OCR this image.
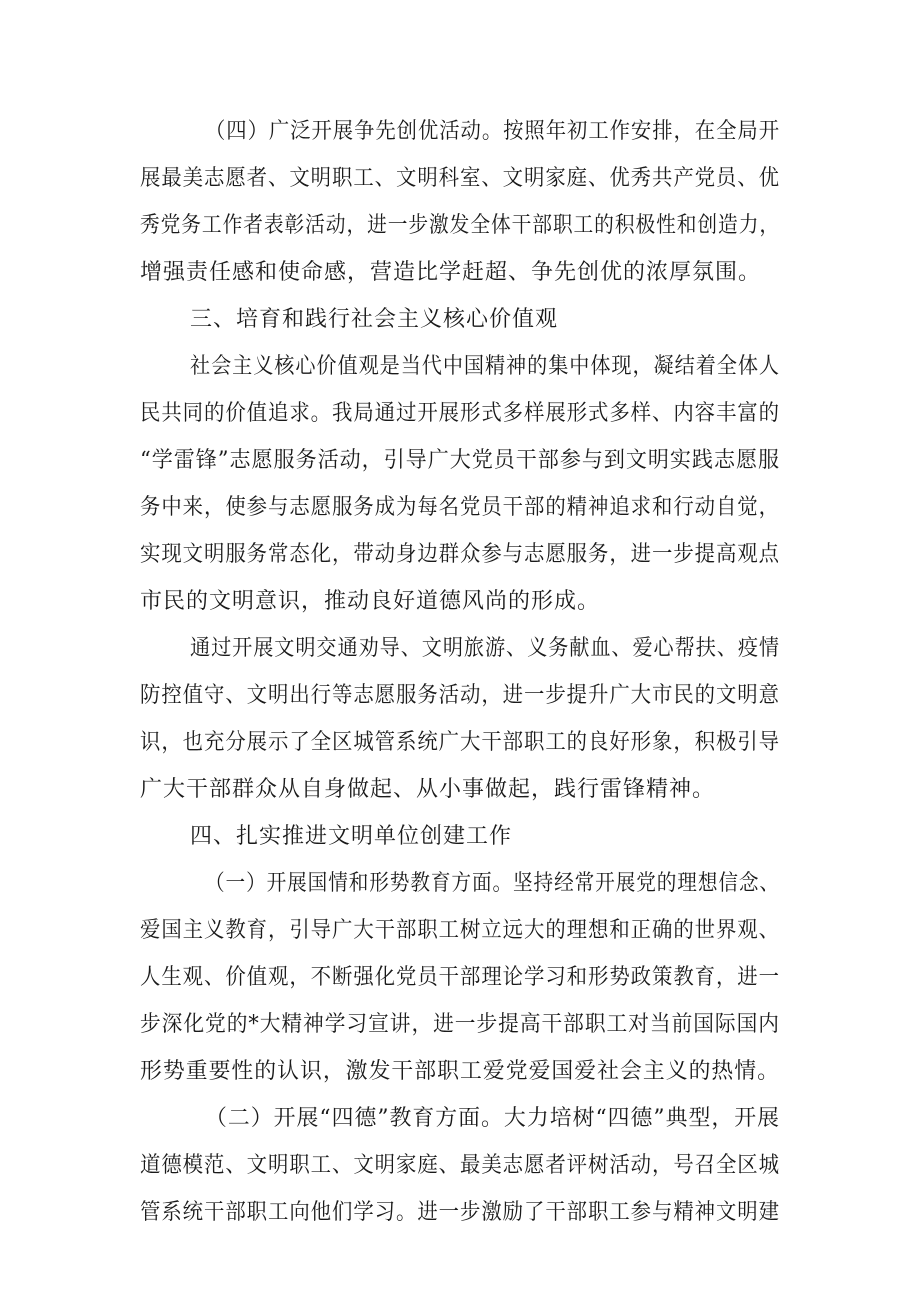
（四）广泛开展争先创优活动。按照年初工作安排，在全局开
展最美志愿者、文明职工、文明科室、文明家庭、优秀共产党员、优
秀党务工作者表彰活动，进一步激发全体干部职工的积极性和创造力，
增强责任感和使命感，营造比学赶超、争先创优的浓厚氛围。
三、培育和践行社会主义核心价值观
社会主义核心价值观是当代中国精神的集中体现，凝结着全体人
民共同的价值追求。我局通过开展形式多样展形式多样、内容丰富的
“学雷锋”志愿服务活动，引导广大党员干部参与到文明实践志愿服
务中来，使参与志愿服务成为每名党员干部的精神追求和行动自觉，
实现文明服务常态化，带动身边群众参与志愿服务，进一步提高观点
市民的文明意识，推动良好道德风尚的形成。
通过开展文明交通劝导、文明旅游、义务献血、爱心帮扶、疫情
防控值守、文明出行等志愿服务活动，进一步提升广大市民的文明意
识，也充分展示了全区城管系统广大干部职工的良好形象，积极引导
广大干部群众从自身做起、从小事做起，践行雷锋精神。
四、扎实推进文明单位创建工作
（一）开展国情和形势教育方面。坚持经常开展党的理想信念、
爱国主义教育，引导广大干部职工树立远大的理想和正确的世界观、
人生观、价值观，不断强化党员干部理论学习和形势政策教育，进一
步深化党的*大精神学习宣讲，进一步提高干部职工对当前国际国内
形势重要性的认识，激发干部职工爱党爱国爱社会主义的热情。
（二）开展“四德”教育方面。大力培树“四德”典型，开展
道德模范、文明职工、文明家庭、最美志愿者评树活动，号召全区城
管系统干部职工向他们学习。进一步激励了干部职工参与精神文明建
